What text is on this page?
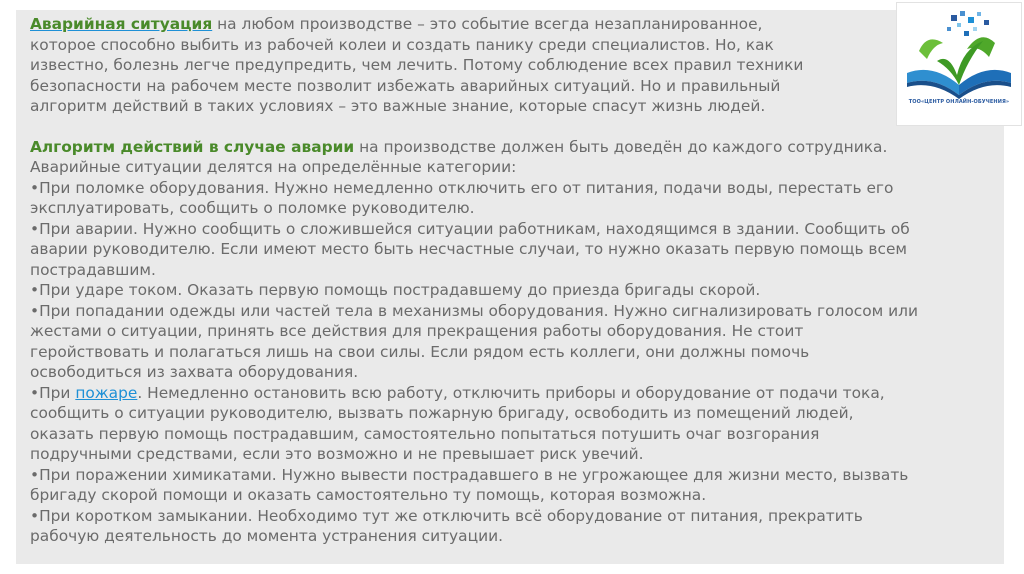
Аварийная ситуация на любом производстве – это событие всегда незапланированное,
которое способно выбить из рабочей колеи и создать панику среди специалистов. Но, как
известно, болезнь легче предупредить, чем лечить. Потому соблюдение всех правил техники
безопасности на рабочем месте позволит избежать аварийных ситуаций. Но и правильный
алгоритм действий в таких условиях – это важные знание, которые спасут жизнь людей.
Алгоритм действий в случае аварии на производстве должен быть доведён до каждого сотрудника.
Аварийные ситуации делятся на определённые категории:
•При поломке оборудования. Нужно немедленно отключить его от питания, подачи воды, перестать его
эксплуатировать, сообщить о поломке руководителю.
•При аварии. Нужно сообщить о сложившейся ситуации работникам, находящимся в здании. Сообщить об
аварии руководителю. Если имеют место быть несчастные случаи, то нужно оказать первую помощь всем
пострадавшим.
•При ударе током. Оказать первую помощь пострадавшему до приезда бригады скорой.
•При попадании одежды или частей тела в механизмы оборудования. Нужно сигнализировать голосом или
жестами о ситуации, принять все действия для прекращения работы оборудования. Не стоит
геройствовать и полагаться лишь на свои силы. Если рядом есть коллеги, они должны помочь
освободиться из захвата оборудования.
•При пожаре. Немедленно остановить всю работу, отключить приборы и оборудование от подачи тока,
сообщить о ситуации руководителю, вызвать пожарную бригаду, освободить из помещений людей,
оказать первую помощь пострадавшим, самостоятельно попытаться потушить очаг возгорания
подручными средствами, если это возможно и не превышает риск увечий.
•При поражении химикатами. Нужно вывести пострадавшего в не угрожающее для жизни место, вызвать
бригаду скорой помощи и оказать самостоятельно ту помощь, которая возможна.
•При коротком замыкании. Необходимо тут же отключить всё оборудование от питания, прекратить
рабочую деятельность до момента устранения ситуации.
ТОО«ЦЕНТР ОНЛАЙН-ОБУЧЕНИЯ»
